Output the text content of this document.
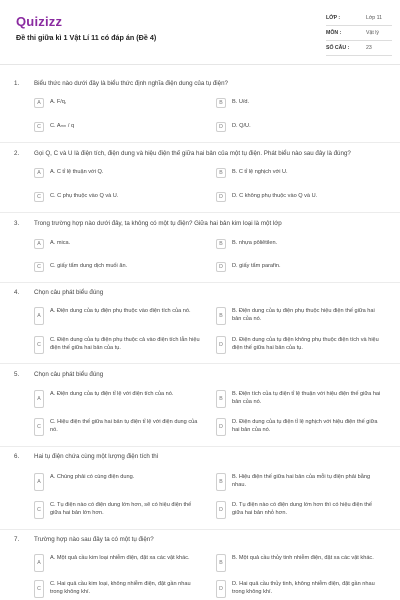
Quizizz
Đề thi giữa kì 1 Vật Lí 11 có đáp án (Đề 4)
LỚP :	Lớp 11
MÔN :	Vật lý
SỐ CÂU :	23
1. Biểu thức nào dưới đây là biểu thức định nghĩa điện dung của tụ điện?
A	A. F/q,	B	B. U/d.
C	C. Aₘₙ / q	D	D. Q/U.
2. Gọi Q, C và U là điện tích, điện dung và hiệu điện thế giữa hai bản của một tụ điện. Phát biểu nào sau đây là đúng?
A	A. C tỉ lệ thuận với Q.	B	B. C tỉ lệ nghịch với U.
C	C. C phụ thuộc vào Q và U.	D	D. C không phụ thuộc vào Q và U.
3. Trong trường hợp nào dưới đây, ta không có một tụ điện? Giữa hai bản kim loại là một lớp
A	A. mica.	B	B. nhựa pôliêtilen.
C	C. giấy tẩm dung dịch muối ăn.	D	D. giấy tẩm parafin.
4. Chọn câu phát biểu đúng
A
A. Điện dung của tụ điện phụ thuộc vào điện tích của nó.
B
B. Điện dung của tụ điện phụ thuộc hiệu điện thế giữa hai bản của nó.
C
C. Điện dung của tụ điện phụ thuộc cả vào điện tích lẫn hiệu điện thế giữa hai bản của tụ.	D
D. Điện dung của tụ điện không phụ thuộc điện tích và hiệu điện thế giữa hai bản của tụ.
5. Chọn câu phát biểu đúng
A
A. Điện dung của tụ điện tỉ lệ với điện tích của nó.
B
B. Điện tích của tụ điện tỉ lệ thuận với hiệu điện thế giữa hai bản của nó.
C
C. Hiệu điện thế giữa hai bản tụ điện tỉ lệ với điện dung của nó.	D
D. Điện dung của tụ điện tỉ lệ nghịch với hiệu điện thế giữa hai bản của nó.
6. Hai tụ điện chứa cùng một lượng điện tích thì
A
A. Chúng phải có cùng điện dung.
B
B. Hiệu điện thế giữa hai bản của mỗi tụ điện phải bằng nhau.
C
C. Tụ điện nào có điện dung lớn hơn, sẽ có hiệu điện thế giữa hai bản lớn hơn.	D
D. Tụ điện nào có điện dung lớn hơn thì có hiệu điện thế giữa hai bản nhỏ hơn.
7. Trường hợp nào sau đây ta có một tụ điện?
A
A. Một quả cầu kim loại nhiễm điện, đặt xa các vật khác.
B
B. Một quả cầu thủy tinh nhiễm điện, đặt xa các vật khác.
C
C. Hai quả cầu kim loại, không nhiễm điện, đặt gần nhau trong không khí.	D
D. Hai quả cầu thủy tinh, không nhiễm điện, đặt gần nhau trong không khí.
